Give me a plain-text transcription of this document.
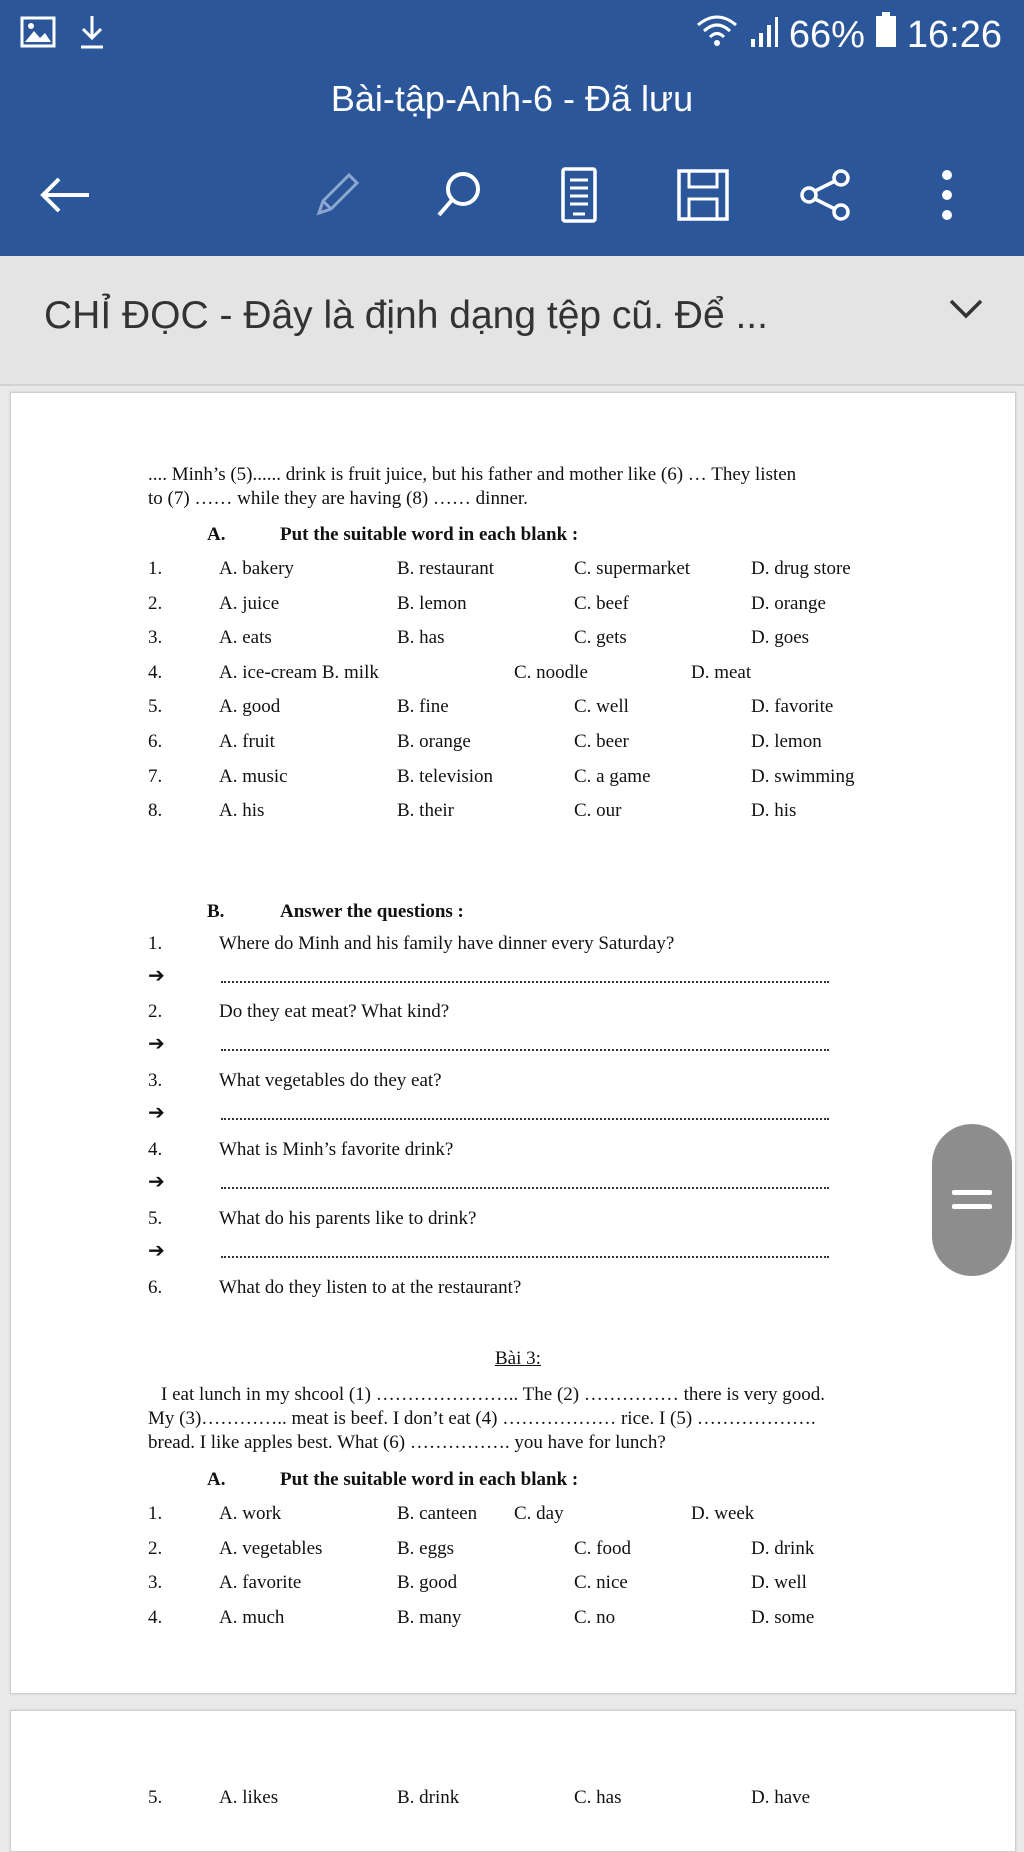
66% 16:26
Bài-tập-Anh-6 - Đã lưu
CHỈ ĐỌC - Đây là định dạng tệp cũ. Để ...
.... Minh’s (5)...... drink is fruit juice, but his father and mother like (6) … They listen
to (7) …… while they are having (8) …… dinner.
A.	Put the suitable word in each blank :
1.	A. bakery	B. restaurant	C. supermarket	D. drug store
2.	A. juice	B. lemon	C. beef	D. orange
3.	A. eats	B. has	C. gets	D. goes
4.	A. ice-cream B. milk	C. noodle	D. meat
5.	A. good	B. fine	C. well	D. favorite
6.	A. fruit	B. orange	C. beer	D. lemon
7.	A. music	B. television	C. a game	D. swimming
8.	A. his	B. their	C. our	D. his
B.	Answer the questions :
1.	Where do Minh and his family have dinner every Saturday?
➔
2.	Do they eat meat? What kind?
➔
3.	What vegetables do they eat?
➔
4.	What is Minh’s favorite drink?
➔
5.	What do his parents like to drink?
➔
6.	What do they listen to at the restaurant?
Bài 3:
I eat lunch in my shcool (1) ………………….. The (2) …………… there is very good.
My (3)………….. meat is beef. I don’t eat (4) ……………… rice. I (5) ……………….
bread. I like apples best. What (6) ……………. you have for lunch?
A.	Put the suitable word in each blank :
1.	A. work	B. canteen C. day	D. week
2.	A. vegetables	B. eggs	C. food	D. drink
3.	A. favorite	B. good	C. nice	D. well
4.	A. much	B. many	C. no	D. some
5.	A. likes	B. drink	C. has	D. have
